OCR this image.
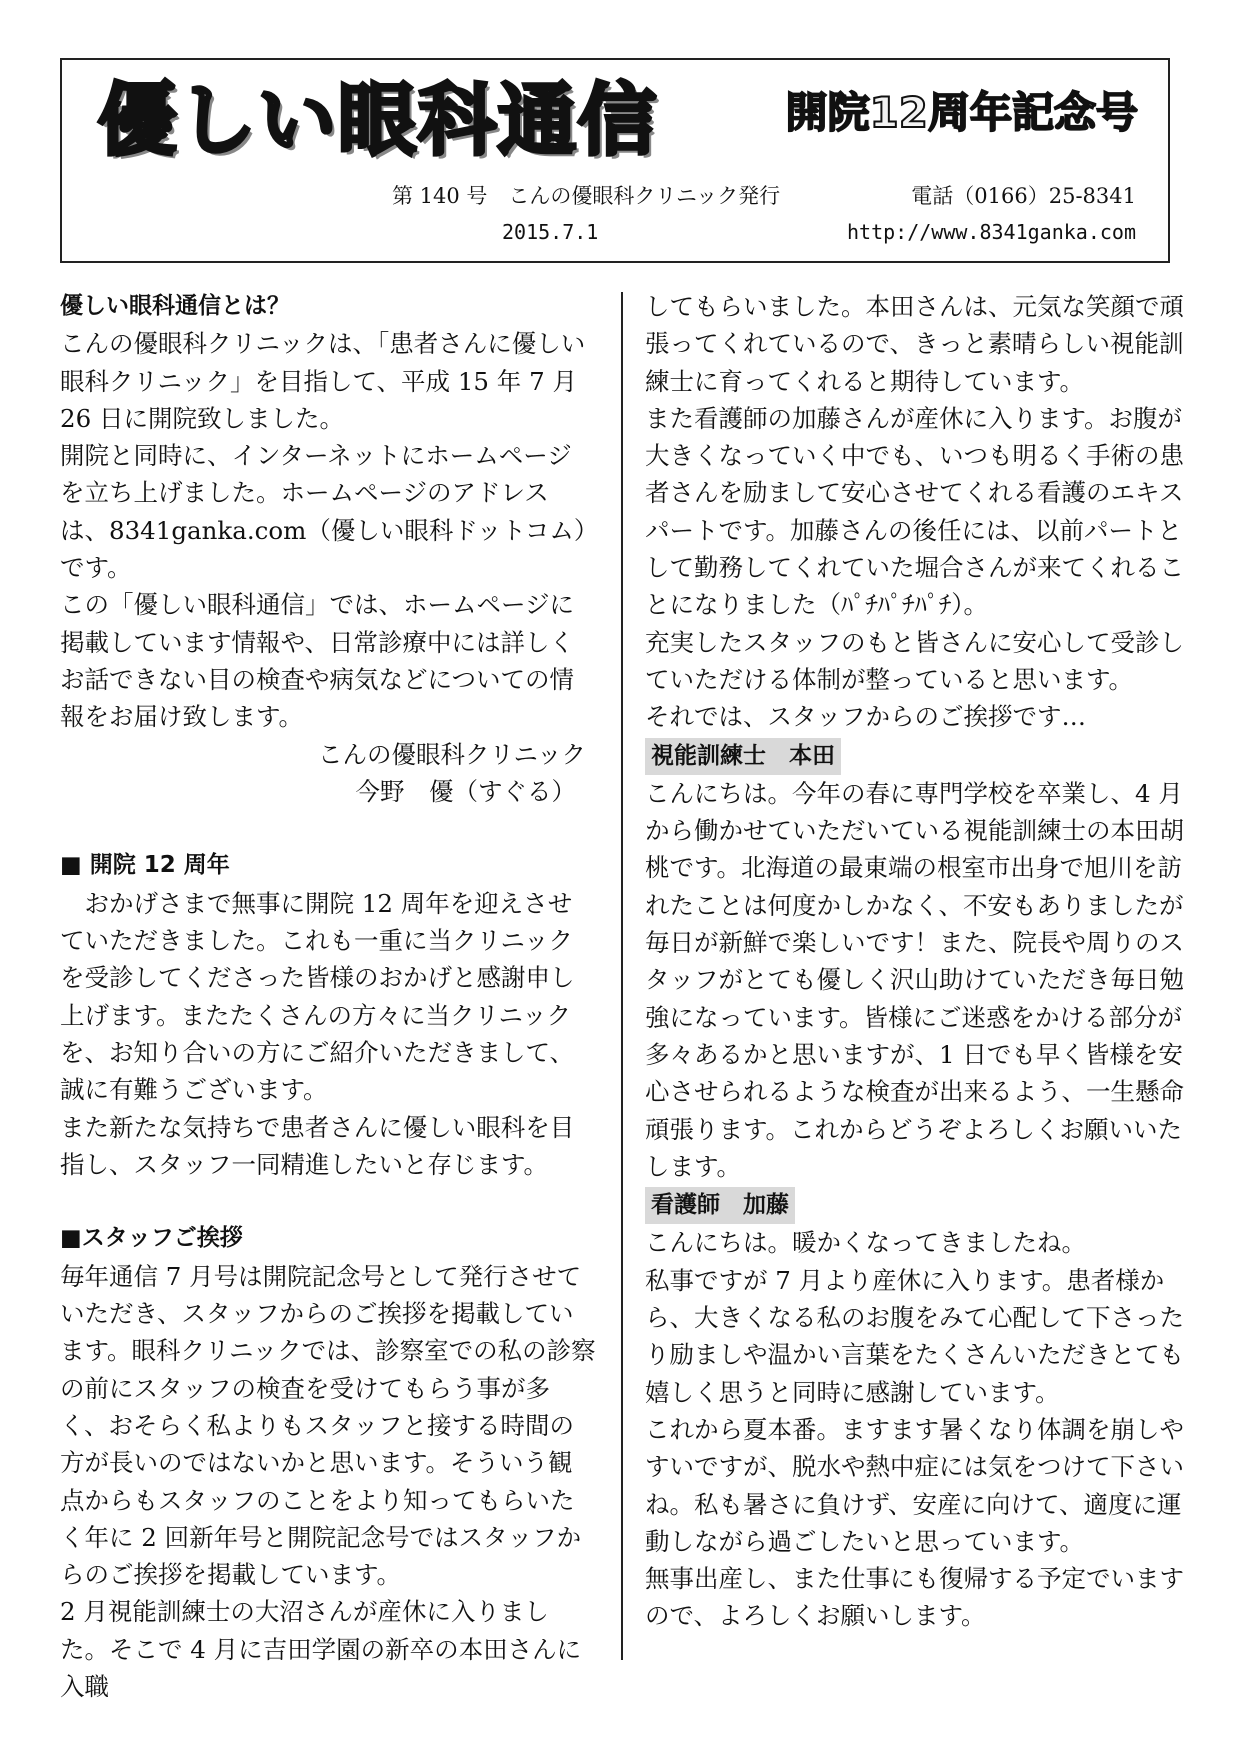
優しい眼科通信	開院12周年記念号
第 140 号　こんの優眼科クリニック発行	電話（0166）25-8341
2015.7.1	http://www.8341ganka.com

優しい眼科通信とは？

こんの優眼科クリニックは、「患者さんに優しい眼科クリニック」を目指して、平成 15 年 7 月 26 日に開院致しました。

開院と同時に、インターネットにホームページを立ち上げました。ホームページのアドレスは、8341ganka.com（優しい眼科ドットコム）です。

この「優しい眼科通信」では、ホームページに掲載しています情報や、日常診療中には詳しくお話できない目の検査や病気などについての情報をお届け致します。

こんの優眼科クリニック

今野　優（すぐる）

■ 開院 12 周年

おかげさまで無事に開院 12 周年を迎えさせていただきました。これも一重に当クリニックを受診してくださった皆様のおかげと感謝申し上げます。またたくさんの方々に当クリニックを、お知り合いの方にご紹介いただきまして、誠に有難うございます。

また新たな気持ちで患者さんに優しい眼科を目指し、スタッフ一同精進したいと存じます。

■スタッフご挨拶

毎年通信 7 月号は開院記念号として発行させていただき、スタッフからのご挨拶を掲載しています。眼科クリニックでは、診察室での私の診察の前にスタッフの検査を受けてもらう事が多く、おそらく私よりもスタッフと接する時間の方が長いのではないかと思います。そういう観点からもスタッフのことをより知ってもらいたく年に 2 回新年号と開院記念号ではスタッフからのご挨拶を掲載しています。

2 月視能訓練士の大沼さんが産休に入りました。そこで 4 月に吉田学園の新卒の本田さんに入職

してもらいました。本田さんは、元気な笑顔で頑張ってくれているので、きっと素晴らしい視能訓練士に育ってくれると期待しています。

また看護師の加藤さんが産休に入ります。お腹が大きくなっていく中でも、いつも明るく手術の患者さんを励まして安心させてくれる看護のエキスパートです。加藤さんの後任には、以前パートとして勤務してくれていた堀合さんが来てくれることになりました（ﾊﾟﾁﾊﾟﾁﾊﾟﾁ）。

充実したスタッフのもと皆さんに安心して受診していただける体制が整っていると思います。

それでは、スタッフからのご挨拶です…

視能訓練士　本田

こんにちは。今年の春に専門学校を卒業し、4 月から働かせていただいている視能訓練士の本田胡桃です。北海道の最東端の根室市出身で旭川を訪れたことは何度かしかなく、不安もありましたが毎日が新鮮で楽しいです！また、院長や周りのスタッフがとても優しく沢山助けていただき毎日勉強になっています。皆様にご迷惑をかける部分が多々あるかと思いますが、1 日でも早く皆様を安心させられるような検査が出来るよう、一生懸命頑張ります。これからどうぞよろしくお願いいたします。

看護師　加藤

こんにちは。暖かくなってきましたね。

私事ですが 7 月より産休に入ります。患者様から、大きくなる私のお腹をみて心配して下さったり励ましや温かい言葉をたくさんいただきとても嬉しく思うと同時に感謝しています。

これから夏本番。ますます暑くなり体調を崩しやすいですが、脱水や熱中症には気をつけて下さいね。私も暑さに負けず、安産に向けて、適度に運動しながら過ごしたいと思っています。

無事出産し、また仕事にも復帰する予定でいますので、よろしくお願いします。
